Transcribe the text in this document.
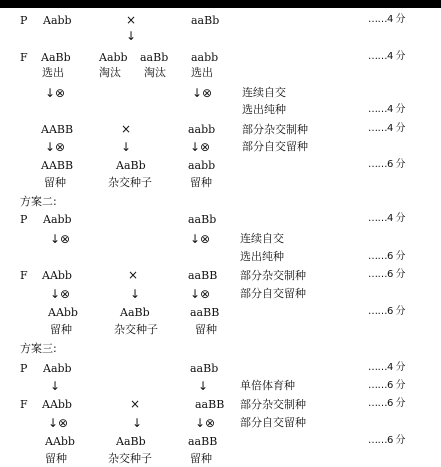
P Aabb	×	aaBb	……4 分
↓
F AaBb	Aabb aaBb aabb	……4 分
选出	淘汰 淘汰 选出
↓⊗	↓⊗	连续自交
选出纯种	……4 分
AABB	×	aabb 部分杂交制种	……4 分
↓⊗	↓	↓⊗	部分自交留种
AABB	AaBb	aabb	……6 分
留种	杂交种子	留种
方案二:
P Aabb	aaBb	……4 分
↓⊗	↓⊗	连续自交
选出纯种	……6 分
F AAbb	×	aaBB 部分杂交制种	……6 分
↓⊗	↓	↓⊗	部分自交留种
AAbb	AaBb	aaBB	……6 分
留种	杂交种子	留种
方案三:
P Aabb	aaBb	……4 分
↓	↓	单倍体育种	……6 分
F AAbb	×	aaBB 部分杂交制种	……6 分
↓⊗	↓	↓⊗ 部分自交留种
AAbb	AaBb	aaBB	……6 分
留种	杂交种子	留种
